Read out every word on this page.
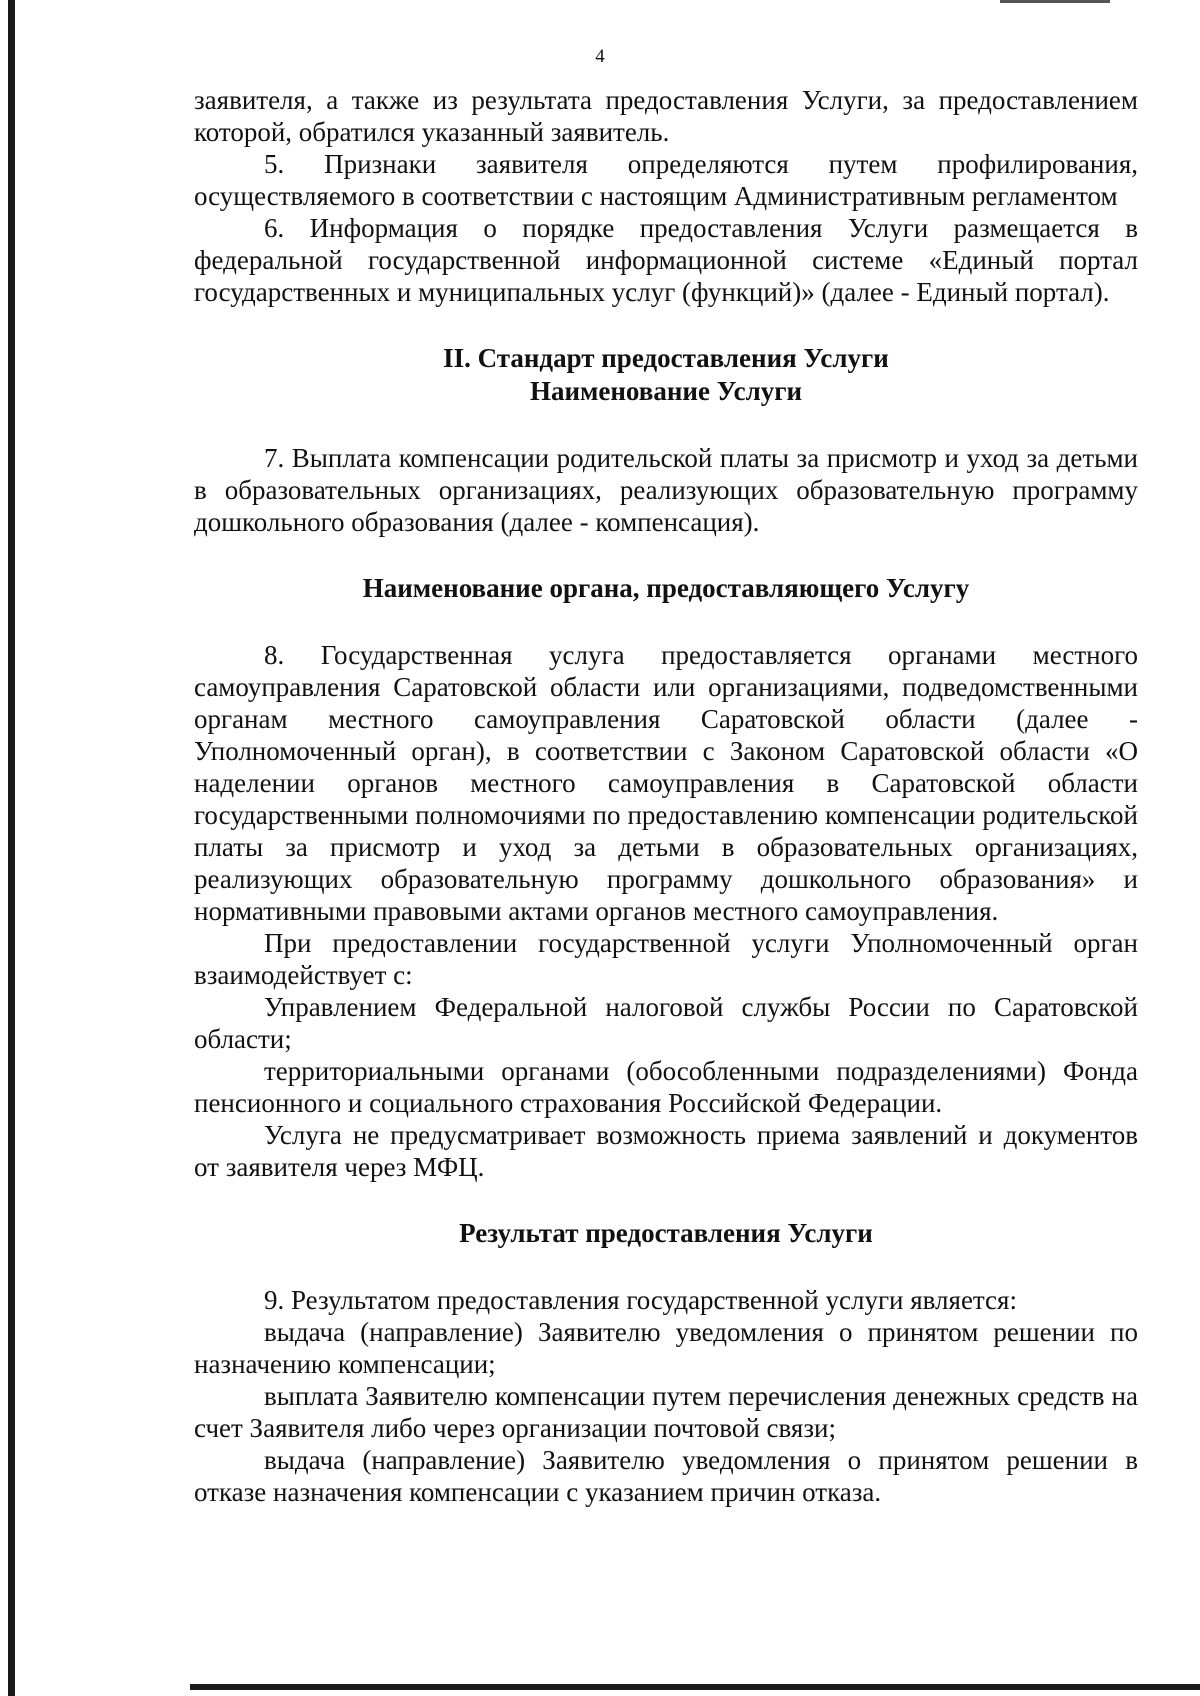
4

заявителя, а также из результата предоставления Услуги, за предоставлением которой, обратился указанный заявитель.

5. Признаки заявителя определяются путем профилирования, осуществляемого в соответствии с настоящим Административным регламентом

6. Информация о порядке предоставления Услуги размещается в федеральной государственной информационной системе «Единый портал государственных и муниципальных услуг (функций)» (далее - Единый портал).

II. Стандарт предоставления Услуги
Наименование Услуги

7. Выплата компенсации родительской платы за присмотр и уход за детьми в образовательных организациях, реализующих образовательную программу дошкольного образования (далее - компенсация).

Наименование органа, предоставляющего Услугу

8. Государственная услуга предоставляется органами местного самоуправления Саратовской области или организациями, подведомственными органам местного самоуправления Саратовской области (далее - Уполномоченный орган), в соответствии с Законом Саратовской области «О наделении органов местного самоуправления в Саратовской области государственными полномочиями по предоставлению компенсации родительской платы за присмотр и уход за детьми в образовательных организациях, реализующих образовательную программу дошкольного образования» и нормативными правовыми актами органов местного самоуправления.

При предоставлении государственной услуги Уполномоченный орган взаимодействует с:

Управлением Федеральной налоговой службы России по Саратовской области;

территориальными органами (обособленными подразделениями) Фонда пенсионного и социального страхования Российской Федерации.

Услуга не предусматривает возможность приема заявлений и документов от заявителя через МФЦ.

Результат предоставления Услуги

9. Результатом предоставления государственной услуги является:

выдача (направление) Заявителю уведомления о принятом решении по назначению компенсации;

выплата Заявителю компенсации путем перечисления денежных средств на счет Заявителя либо через организации почтовой связи;

выдача (направление) Заявителю уведомления о принятом решении в отказе назначения компенсации с указанием причин отказа.
